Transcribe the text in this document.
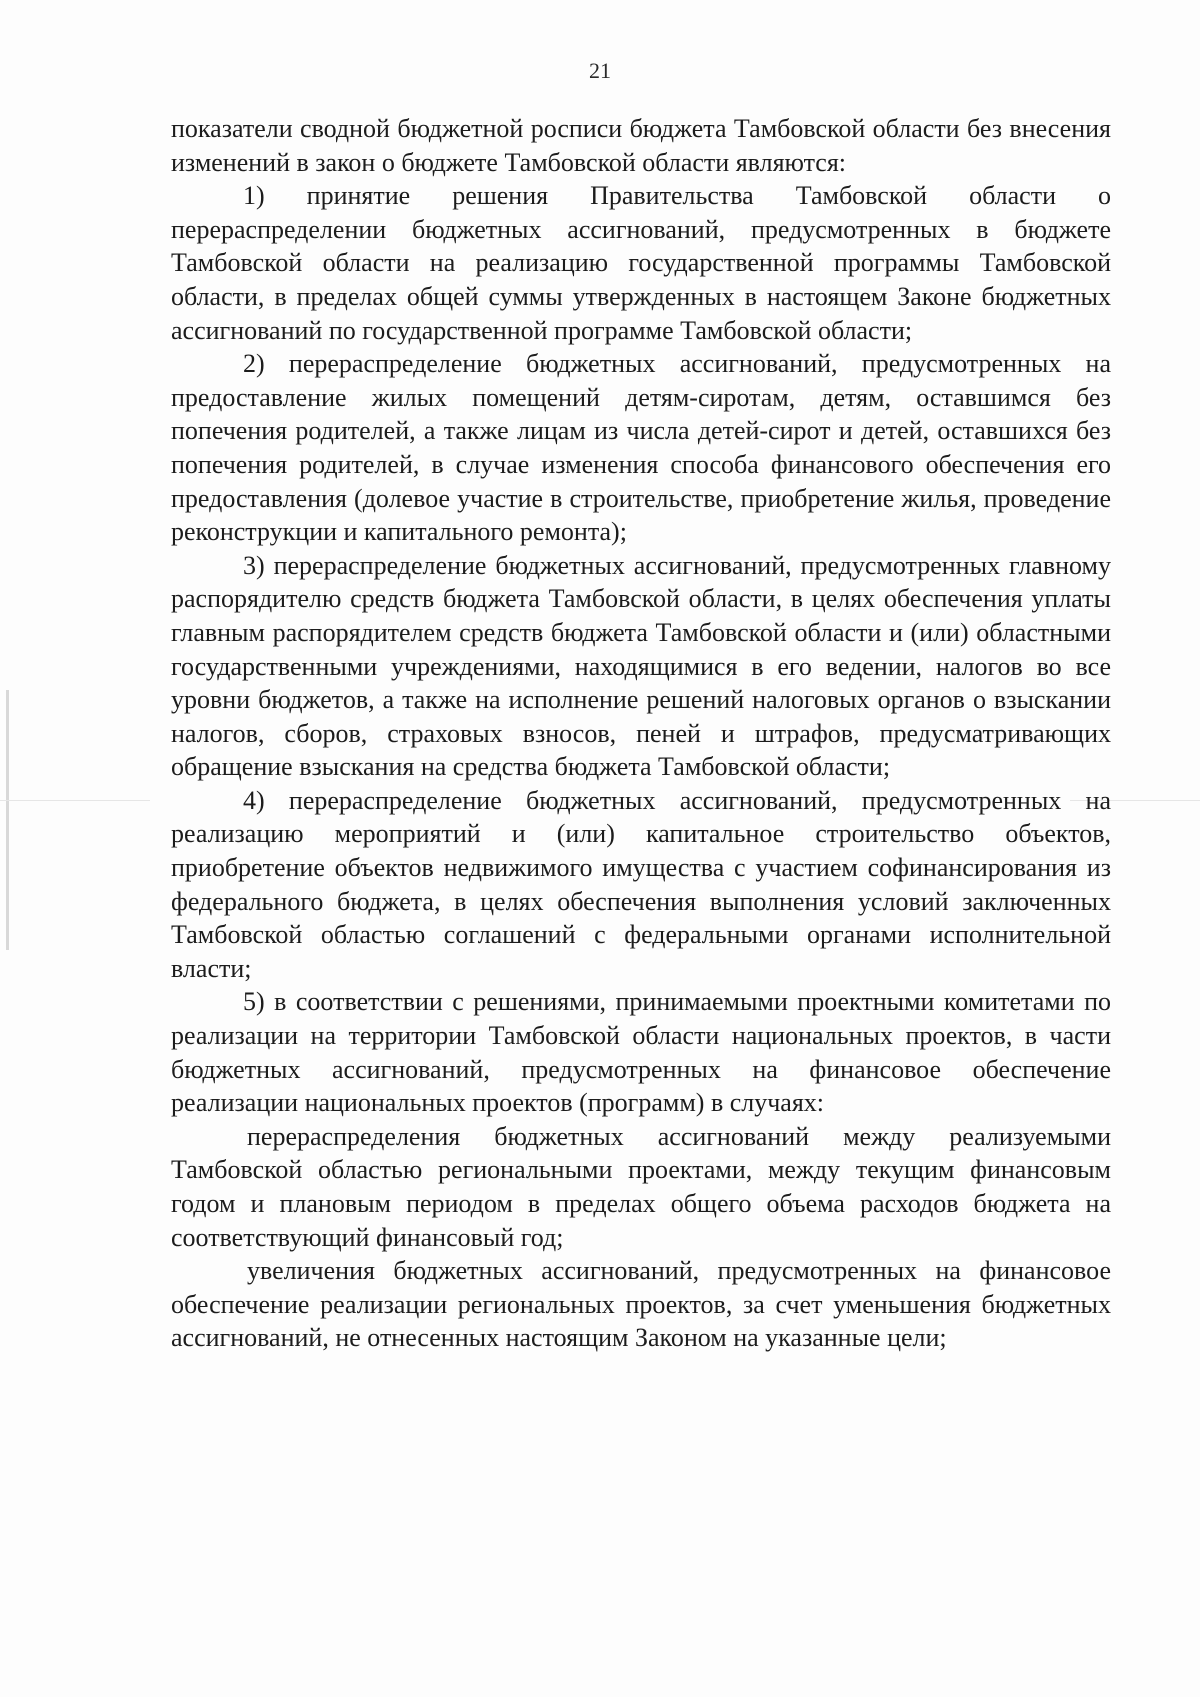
21

показатели сводной бюджетной росписи бюджета Тамбовской области без внесения изменений в закон о бюджете Тамбовской области являются:

1) принятие решения Правительства Тамбовской области о перераспределении бюджетных ассигнований, предусмотренных в бюджете Тамбовской области на реализацию государственной программы Тамбовской области, в пределах общей суммы утвержденных в настоящем Законе бюджетных ассигнований по государственной программе Тамбовской области;

2) перераспределение бюджетных ассигнований, предусмотренных на предоставление жилых помещений детям-сиротам, детям, оставшимся без попечения родителей, а также лицам из числа детей-сирот и детей, оставшихся без попечения родителей, в случае изменения способа финансового обеспечения его предоставления (долевое участие в строительстве, приобретение жилья, проведение реконструкции и капитального ремонта);

3) перераспределение бюджетных ассигнований, предусмотренных главному распорядителю средств бюджета Тамбовской области, в целях обеспечения уплаты главным распорядителем средств бюджета Тамбовской области и (или) областными государственными учреждениями, находящимися в его ведении, налогов во все уровни бюджетов, а также на исполнение решений налоговых органов о взыскании налогов, сборов, страховых взносов, пеней и штрафов, предусматривающих обращение взыскания на средства бюджета Тамбовской области;

4) перераспределение бюджетных ассигнований, предусмотренных на реализацию мероприятий и (или) капитальное строительство объектов, приобретение объектов недвижимого имущества с участием софинансирования из федерального бюджета, в целях обеспечения выполнения условий заключенных Тамбовской областью соглашений с федеральными органами исполнительной власти;

5) в соответствии с решениями, принимаемыми проектными комитетами по реализации на территории Тамбовской области национальных проектов, в части бюджетных ассигнований, предусмотренных на финансовое обеспечение реализации национальных проектов (программ) в случаях:

перераспределения бюджетных ассигнований между реализуемыми Тамбовской областью региональными проектами, между текущим финансовым годом и плановым периодом в пределах общего объема расходов бюджета на соответствующий финансовый год;

увеличения бюджетных ассигнований, предусмотренных на финансовое обеспечение реализации региональных проектов, за счет уменьшения бюджетных ассигнований, не отнесенных настоящим Законом на указанные цели;
